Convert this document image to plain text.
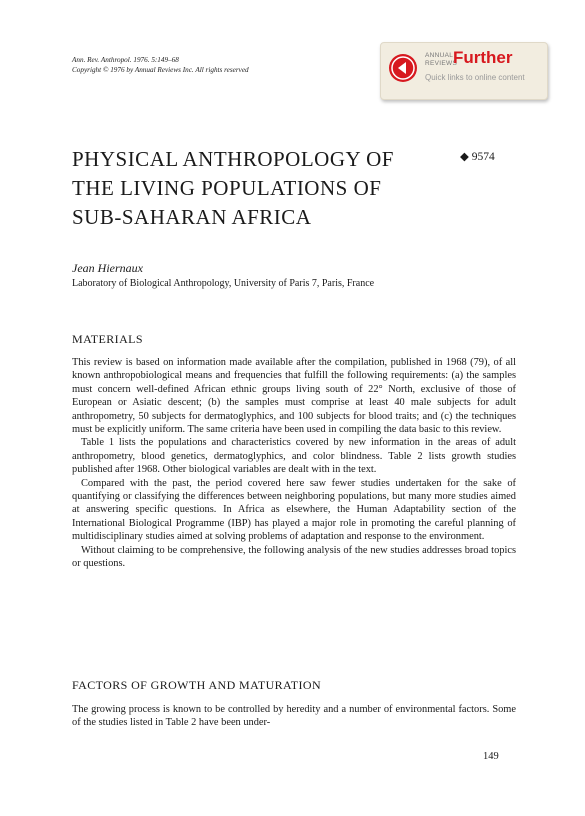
Ann. Rev. Anthropol. 1976. 5:149–68
Copyright © 1976 by Annual Reviews Inc. All rights reserved
ANNUAL
REVIEWS
Further
Quick links to online content
PHYSICAL ANTHROPOLOGY OF
THE LIVING POPULATIONS OF
SUB-SAHARAN AFRICA
◆ 9574
Jean Hiernaux
Laboratory of Biological Anthropology, University of Paris 7, Paris, France
MATERIALS

This review is based on information made available after the compilation, published in 1968 (79), of all known anthropobiological means and frequencies that fulfill the following requirements: (a) the samples must concern well-defined African ethnic groups living south of 22° North, exclusive of those of European or Asiatic descent; (b) the samples must comprise at least 40 male subjects for adult anthropometry, 50 subjects for dermatoglyphics, and 100 subjects for blood traits; and (c) the techniques must be explicitly uniform. The same criteria have been used in compiling the data basic to this review.

Table 1 lists the populations and characteristics covered by new information in the areas of adult anthropometry, blood genetics, dermatoglyphics, and color blindness. Table 2 lists growth studies published after 1968. Other biological variables are dealt with in the text.

Compared with the past, the period covered here saw fewer studies undertaken for the sake of quantifying or classifying the differences between neighboring populations, but many more studies aimed at answering specific questions. In Africa as elsewhere, the Human Adaptability section of the International Biological Programme (IBP) has played a major role in promoting the careful planning of multidisciplinary studies aimed at solving problems of adaptation and response to the environment.

Without claiming to be comprehensive, the following analysis of the new studies addresses broad topics or questions.

FACTORS OF GROWTH AND MATURATION

The growing process is known to be controlled by heredity and a number of environmental factors. Some of the studies listed in Table 2 have been under-

149
